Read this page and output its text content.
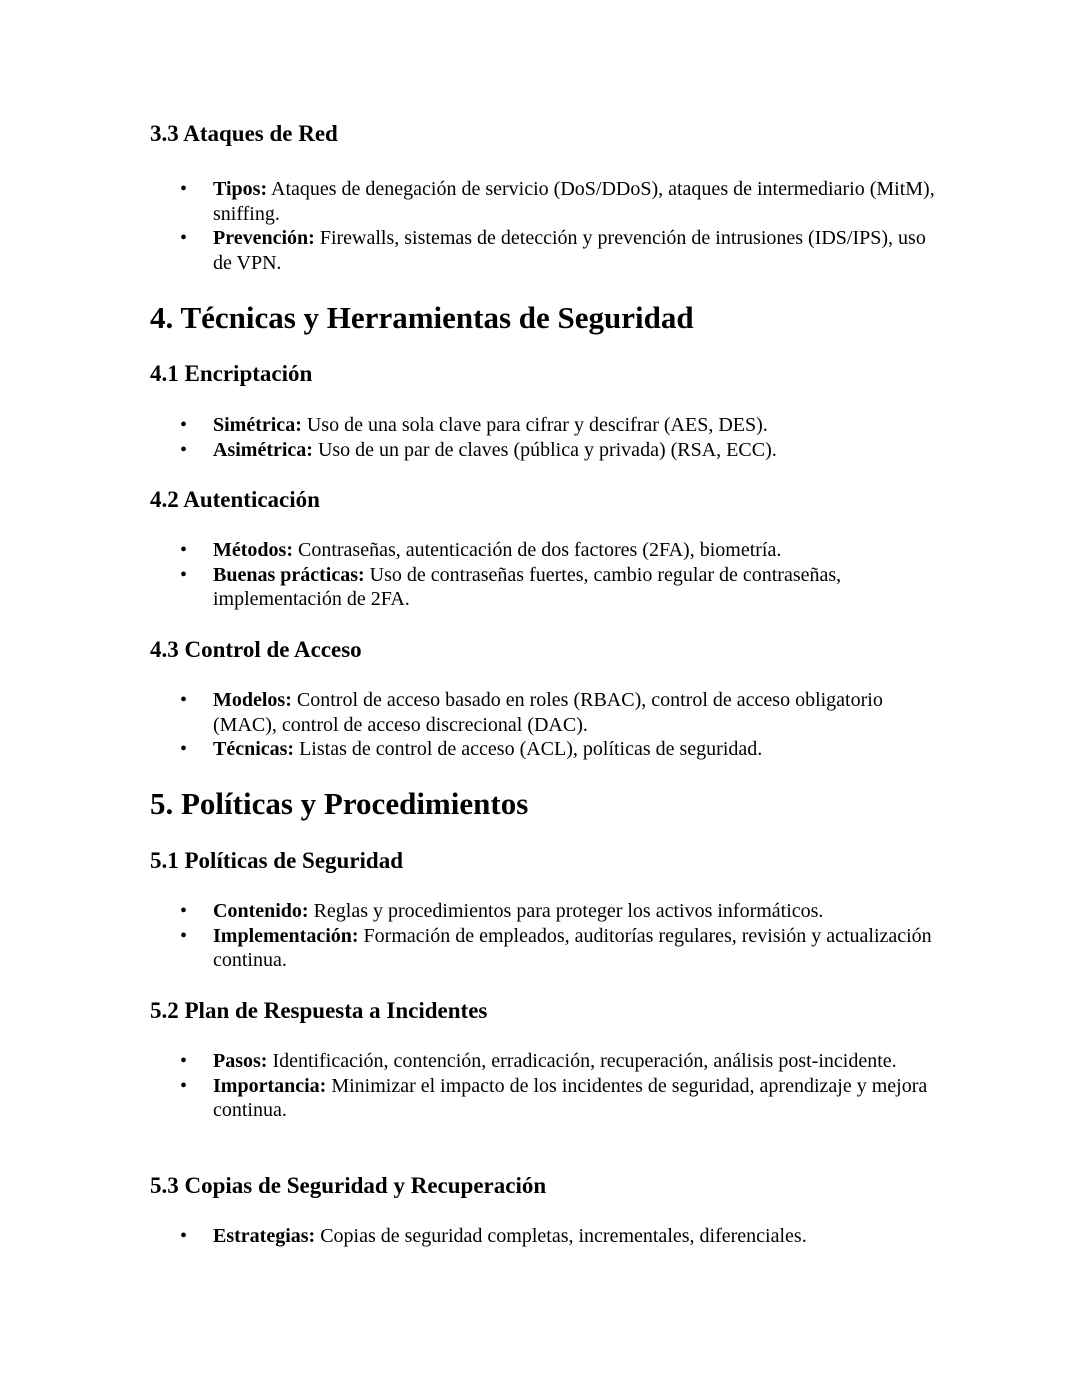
3.3 Ataques de Red
• Tipos: Ataques de denegación de servicio (DoS/DDoS), ataques de intermediario (MitM), sniffing.
• Prevención: Firewalls, sistemas de detección y prevención de intrusiones (IDS/IPS), uso de VPN.
4. Técnicas y Herramientas de Seguridad
4.1 Encriptación
• Simétrica: Uso de una sola clave para cifrar y descifrar (AES, DES).
• Asimétrica: Uso de un par de claves (pública y privada) (RSA, ECC).
4.2 Autenticación
• Métodos: Contraseñas, autenticación de dos factores (2FA), biometría.
• Buenas prácticas: Uso de contraseñas fuertes, cambio regular de contraseñas, implementación de 2FA.
4.3 Control de Acceso
• Modelos: Control de acceso basado en roles (RBAC), control de acceso obligatorio (MAC), control de acceso discrecional (DAC).
• Técnicas: Listas de control de acceso (ACL), políticas de seguridad.
5. Políticas y Procedimientos
5.1 Políticas de Seguridad
• Contenido: Reglas y procedimientos para proteger los activos informáticos.
• Implementación: Formación de empleados, auditorías regulares, revisión y actualización continua.
5.2 Plan de Respuesta a Incidentes
• Pasos: Identificación, contención, erradicación, recuperación, análisis post-incidente.
• Importancia: Minimizar el impacto de los incidentes de seguridad, aprendizaje y mejora continua.
5.3 Copias de Seguridad y Recuperación
• Estrategias: Copias de seguridad completas, incrementales, diferenciales.
